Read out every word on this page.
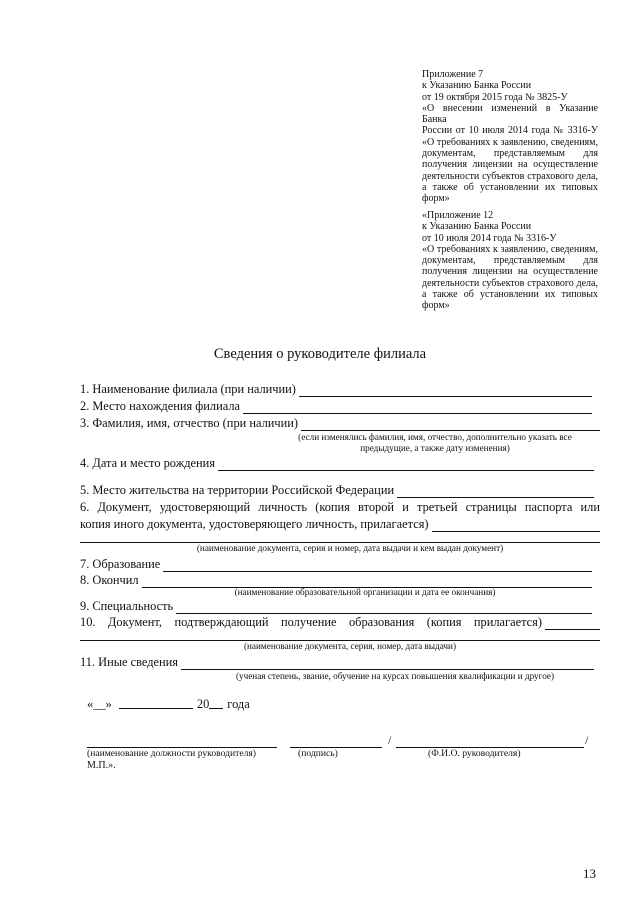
Приложение 7
к Указанию Банка России
от 19 октября 2015 года № 3825-У
«О внесении изменений в Указание Банка
России от 10 июля 2014 года № 3316-У
«О требованиях к заявлению, сведениям,
документам, представляемым для
получения лицензии на осуществление
деятельности субъектов страхового дела,
а также об установлении их типовых
форм»
«Приложение 12
к Указанию Банка России
от 10 июля 2014 года № 3316-У
«О требованиях к заявлению, сведениям,
документам, представляемым для
получения лицензии на осуществление
деятельности субъектов страхового дела,
а также об установлении их типовых
форм»
Сведения о руководителе филиала
1. Наименование филиала (при наличии)
2. Место нахождения филиала
3. Фамилия, имя, отчество (при наличии)
(если изменялись фамилия, имя, отчество, дополнительно указать все
предыдущие, а также дату изменения)
4. Дата и место рождения
5. Место жительства на территории Российской Федерации
6. Документ, удостоверяющий личность (копия второй и третьей страницы паспорта или
копия иного документа, удостоверяющего личность, прилагается)
(наименование документа, серия и номер, дата выдачи и кем выдан документ)
7. Образование
8. Окончил
(наименование образовательной организации и дата ее окончания)
9. Специальность
10. Документ, подтверждающий получение образования (копия прилагается)
(наименование документа, серия, номер, дата выдачи)
11. Иные сведения
(ученая степень, звание, обучение на курсах повышения квалификации и другое)
«__»	20 года
/	/
(наименование должности руководителя)	(подпись)	(Ф.И.О. руководителя)
М.П.».
13
